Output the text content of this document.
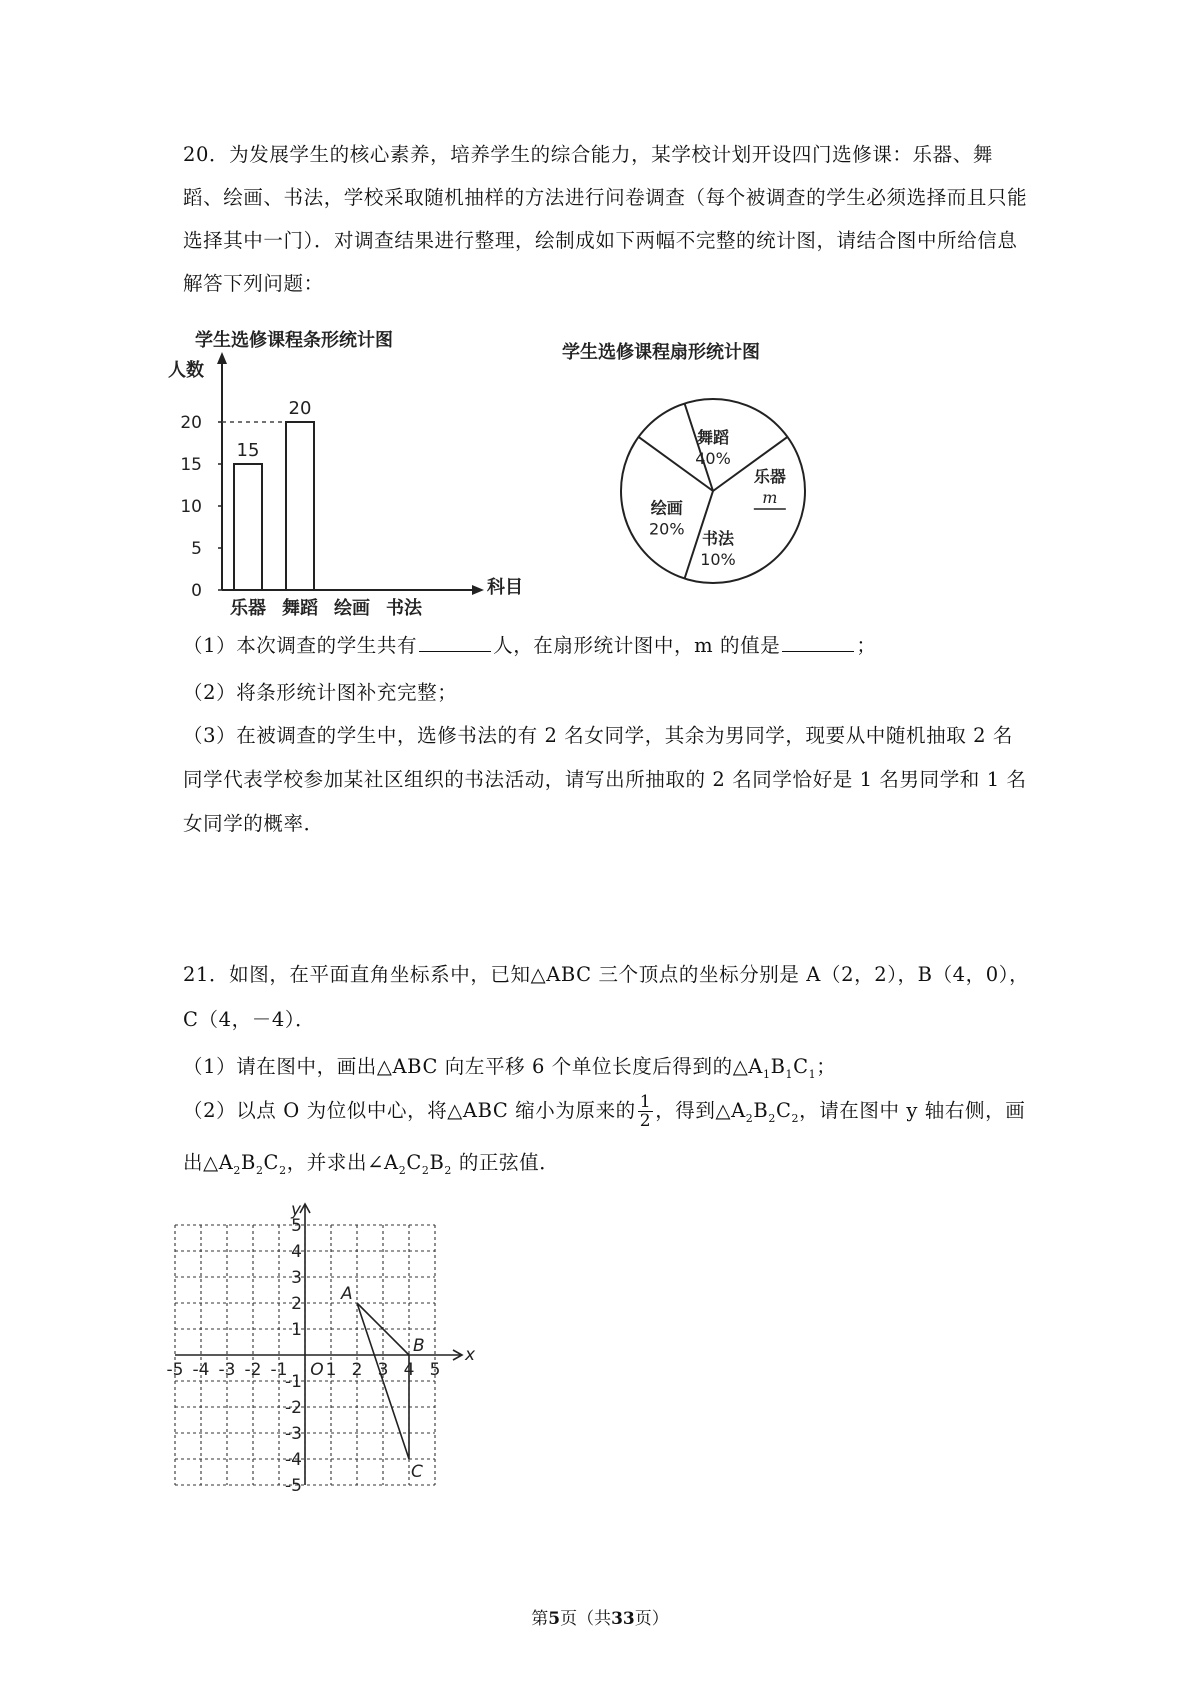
20．为发展学生的核心素养，培养学生的综合能力，某学校计划开设四门选修课：乐器、舞蹈、绘画、书法，学校采取随机抽样的方法进行问卷调查（每个被调查的学生必须选择而且只能选择其中一门）．对调查结果进行整理，绘制成如下两幅不完整的统计图，请结合图中所给信息解答下列问题：
学生选修课程条形统计图
人数
科目
0
5
10
15
20
乐器
15
舞蹈
20
绘画 书法
学生选修课程扇形统计图
舞蹈
40%
乐器
m
书法
10%
绘画
20%
（1）本次调查的学生共有	人，在扇形统计图中，m 的值是	；
（2）将条形统计图补充完整；
（3）在被调查的学生中，选修书法的有 2 名女同学，其余为男同学，现要从中随机抽取 2 名同学代表学校参加某社区组织的书法活动，请写出所抽取的 2 名同学恰好是 1 名男同学和 1 名女同学的概率．
21．如图，在平面直角坐标系中，已知△ABC 三个顶点的坐标分别是 A（2，2），B（4，0），
C（4，－4）．
（1）请在图中，画出△ABC 向左平移 6 个单位长度后得到的$\triangle A_1B_1C_1$；
（2）以点 O 为位似中心，将△ABC 缩小为原来的 $\frac{1}{2}$ ，得到$\triangle A_2B_2C_2$，请在图中 y 轴右侧，画
出$\triangle A_2B_2C_2$，并求出$\angle A_2C_2B_2$ 的正弦值．
-5 -4 -3 -2 -1 1 2 3 4 5
5
4
3
2
1
-1
-2
-3
-4
-5
O
x
y
A
B
C
第5页（共33页）
